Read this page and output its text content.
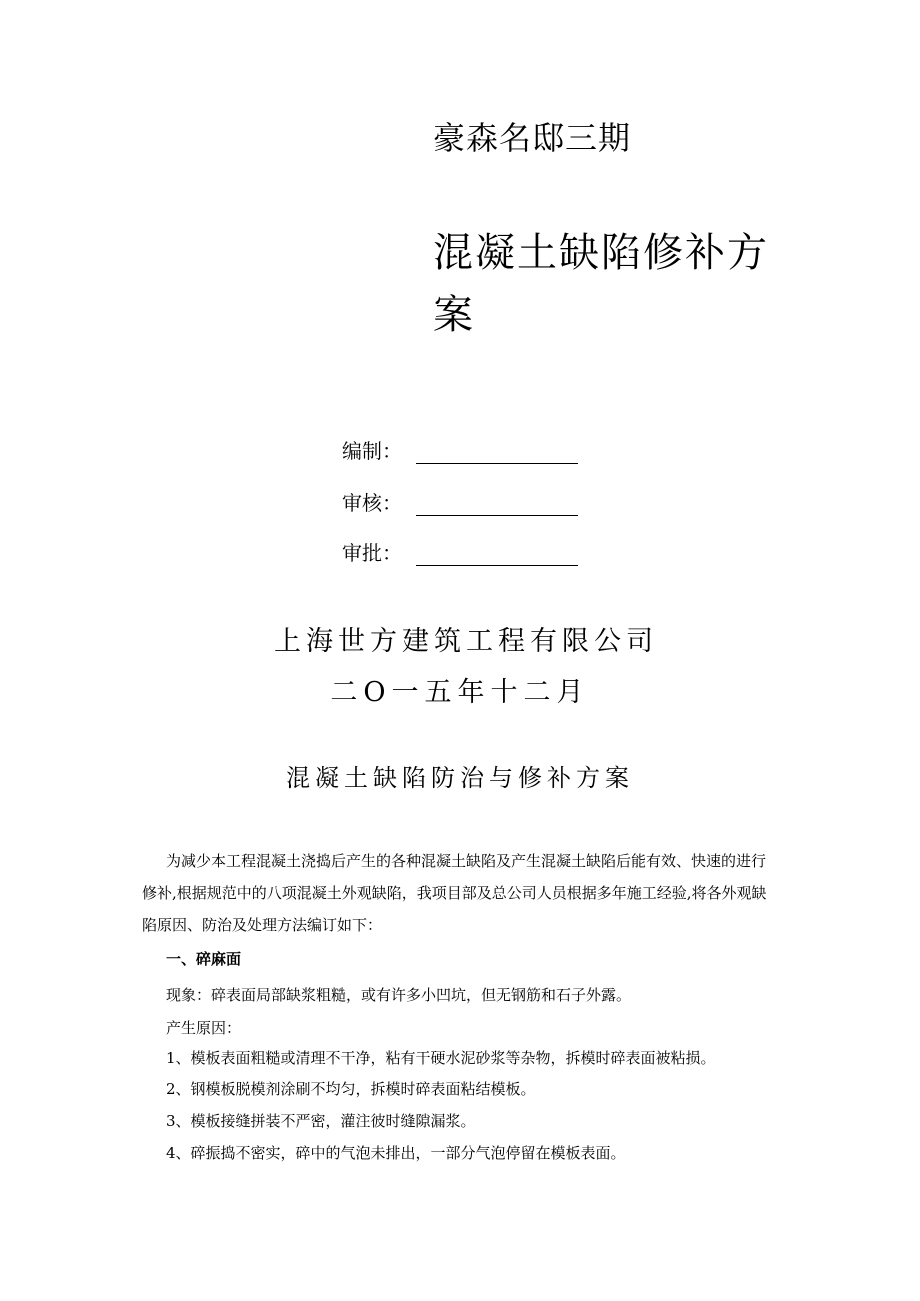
豪森名邸三期
混凝土缺陷修补方案
编制：
审核：
审批：
上海世方建筑工程有限公司
二O一五年十二月
混凝土缺陷防治与修补方案
为减少本工程混凝土浇捣后产生的各种混凝土缺陷及产生混凝土缺陷后能有效、快速的进行
修补,根据规范中的八项混凝土外观缺陷，我项目部及总公司人员根据多年施工经验,将各外观缺
陷原因、防治及处理方法编订如下：
一、碎麻面
现象：碎表面局部缺浆粗糙，或有许多小凹坑，但无钢筋和石子外露。
产生原因：
1、模板表面粗糙或清理不干净，粘有干硬水泥砂浆等杂物，拆模时碎表面被粘损。
2、钢模板脱模剂涂刷不均匀，拆模时碎表面粘结模板。
3、模板接缝拼装不严密，灌注彼时缝隙漏浆。
4、碎振捣不密实，碎中的气泡未排出，一部分气泡停留在模板表面。
